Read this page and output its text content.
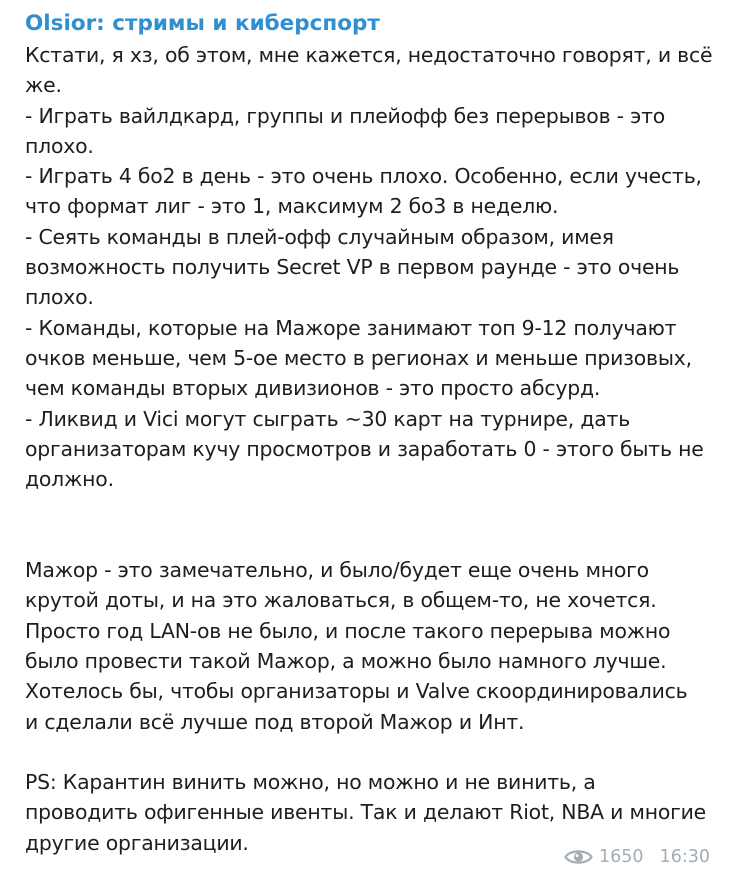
Olsior: стримы и киберспорт
Кстати, я хз, об этом, мне кажется, недостаточно говорят, и всё
же.
- Играть вайлдкард, группы и плейофф без перерывов - это
плохо.
- Играть 4 бо2 в день - это очень плохо. Особенно, если учесть,
что формат лиг - это 1, максимум 2 бо3 в неделю.
- Сеять команды в плей-офф случайным образом, имея
возможность получить Secret VP в первом раунде - это очень
плохо.
- Команды, которые на Мажоре занимают топ 9-12 получают
очков меньше, чем 5-ое место в регионах и меньше призовых,
чем команды вторых дивизионов - это просто абсурд.
- Ликвид и Vici могут сыграть ~30 карт на турнире, дать
организаторам кучу просмотров и заработать 0 - этого быть не
должно.
Мажор - это замечательно, и было/будет еще очень много
крутой доты, и на это жаловаться, в общем-то, не хочется.
Просто год LAN-ов не было, и после такого перерыва можно
было провести такой Мажор, а можно было намного лучше.
Хотелось бы, чтобы организаторы и Valve скоординировались
и сделали всё лучше под второй Мажор и Инт.
PS: Карантин винить можно, но можно и не винить, а
проводить офигенные ивенты. Так и делают Riot, NBA и многие
другие организации.
1650 16:30
